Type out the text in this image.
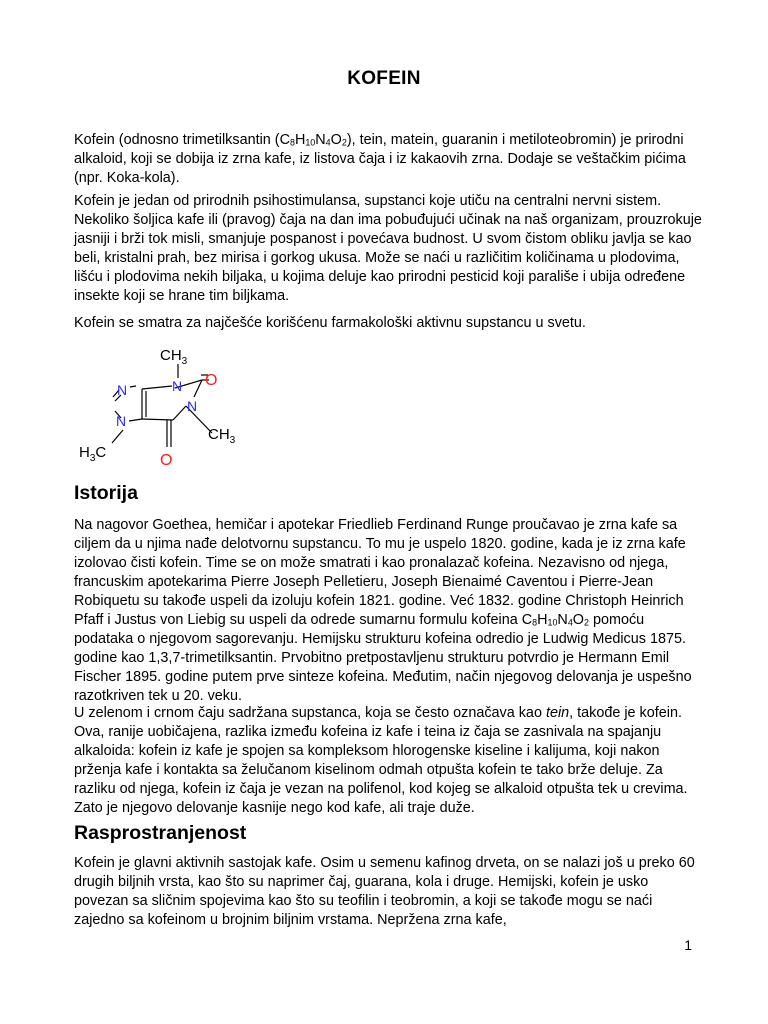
KOFEIN

Kofein (odnosno trimetilksantin $(C_8H_{10}N_4O_2)$, tein, matein, guaranin i metiloteobromin) je prirodni alkaloid, koji se dobija iz zrna kafe, iz listova čaja i iz kakaovih zrna. Dodaje se veštačkim pićima (npr. Koka-kola).

Kofein je jedan od prirodnih psihostimulansa, supstanci koje utiču na centralni nervni sistem. Nekoliko šoljica kafe ili (pravog) čaja na dan ima pobuđujući učinak na naš organizam, prouzrokuje jasniji i brži tok misli, smanjuje pospanost i povećava budnost. U svom čistom obliku javlja se kao beli, kristalni prah, bez mirisa i gorkog ukusa. Može se naći u različitim količinama u plodovima, lišću i plodovima nekih biljaka, u kojima deluje kao prirodni pesticid koji parališe i ubija određene insekte koji se hrane tim biljkama.

Kofein se smatra za najčešće korišćenu farmakološki aktivnu supstancu u svetu.

N
N
N
N
O
O
$CH_3$
$CH_3$
$H_3C$
Istorija

Na nagovor Goethea, hemičar i apotekar Friedlieb Ferdinand Runge proučavao je zrna kafe sa ciljem da u njima nađe delotvornu supstancu. To mu je uspelo 1820. godine, kada je iz zrna kafe izolovao čisti kofein. Time se on može smatrati i kao pronalazač kofeina. Nezavisno od njega, francuskim apotekarima Pierre Joseph Pelletieru, Joseph Bienaimé Caventou i Pierre-Jean Robiquetu su takođe uspeli da izoluju kofein 1821. godine. Već 1832. godine Christoph Heinrich Pfaff i Justus von Liebig su uspeli da odrede sumarnu formulu kofeina $C_8H_{10}N_4O_2$ pomoću podataka o njegovom sagorevanju. Hemijsku strukturu kofeina odredio je Ludwig Medicus 1875. godine kao 1,3,7-trimetilksantin. Prvobitno pretpostavljenu strukturu potvrdio je Hermann Emil Fischer 1895. godine putem prve sinteze kofeina. Međutim, način njegovog delovanja je uspešno razotkriven tek u 20. veku.

U zelenom i crnom čaju sadržana supstanca, koja se često označava kao tein, takođe je kofein. Ova, ranije uobičajena, razlika između kofeina iz kafe i teina iz čaja se zasnivala na spajanju alkaloida: kofein iz kafe je spojen sa kompleksom hlorogenske kiseline i kalijuma, koji nakon prženja kafe i kontakta sa želučanom kiselinom odmah otpušta kofein te tako brže deluje. Za razliku od njega, kofein iz čaja je vezan na polifenol, kod kojeg se alkaloid otpušta tek u crevima. Zato je njegovo delovanje kasnije nego kod kafe, ali traje duže.

Rasprostranjenost

Kofein je glavni aktivnih sastojak kafe. Osim u semenu kafinog drveta, on se nalazi još u preko 60 drugih biljnih vrsta, kao što su naprimer čaj, guarana, kola i druge. Hemijski, kofein je usko povezan sa sličnim spojevima kao što su teofilin i teobromin, a koji se takođe mogu se naći zajedno sa kofeinom u brojnim biljnim vrstama. Nepržena zrna kafe,

1
